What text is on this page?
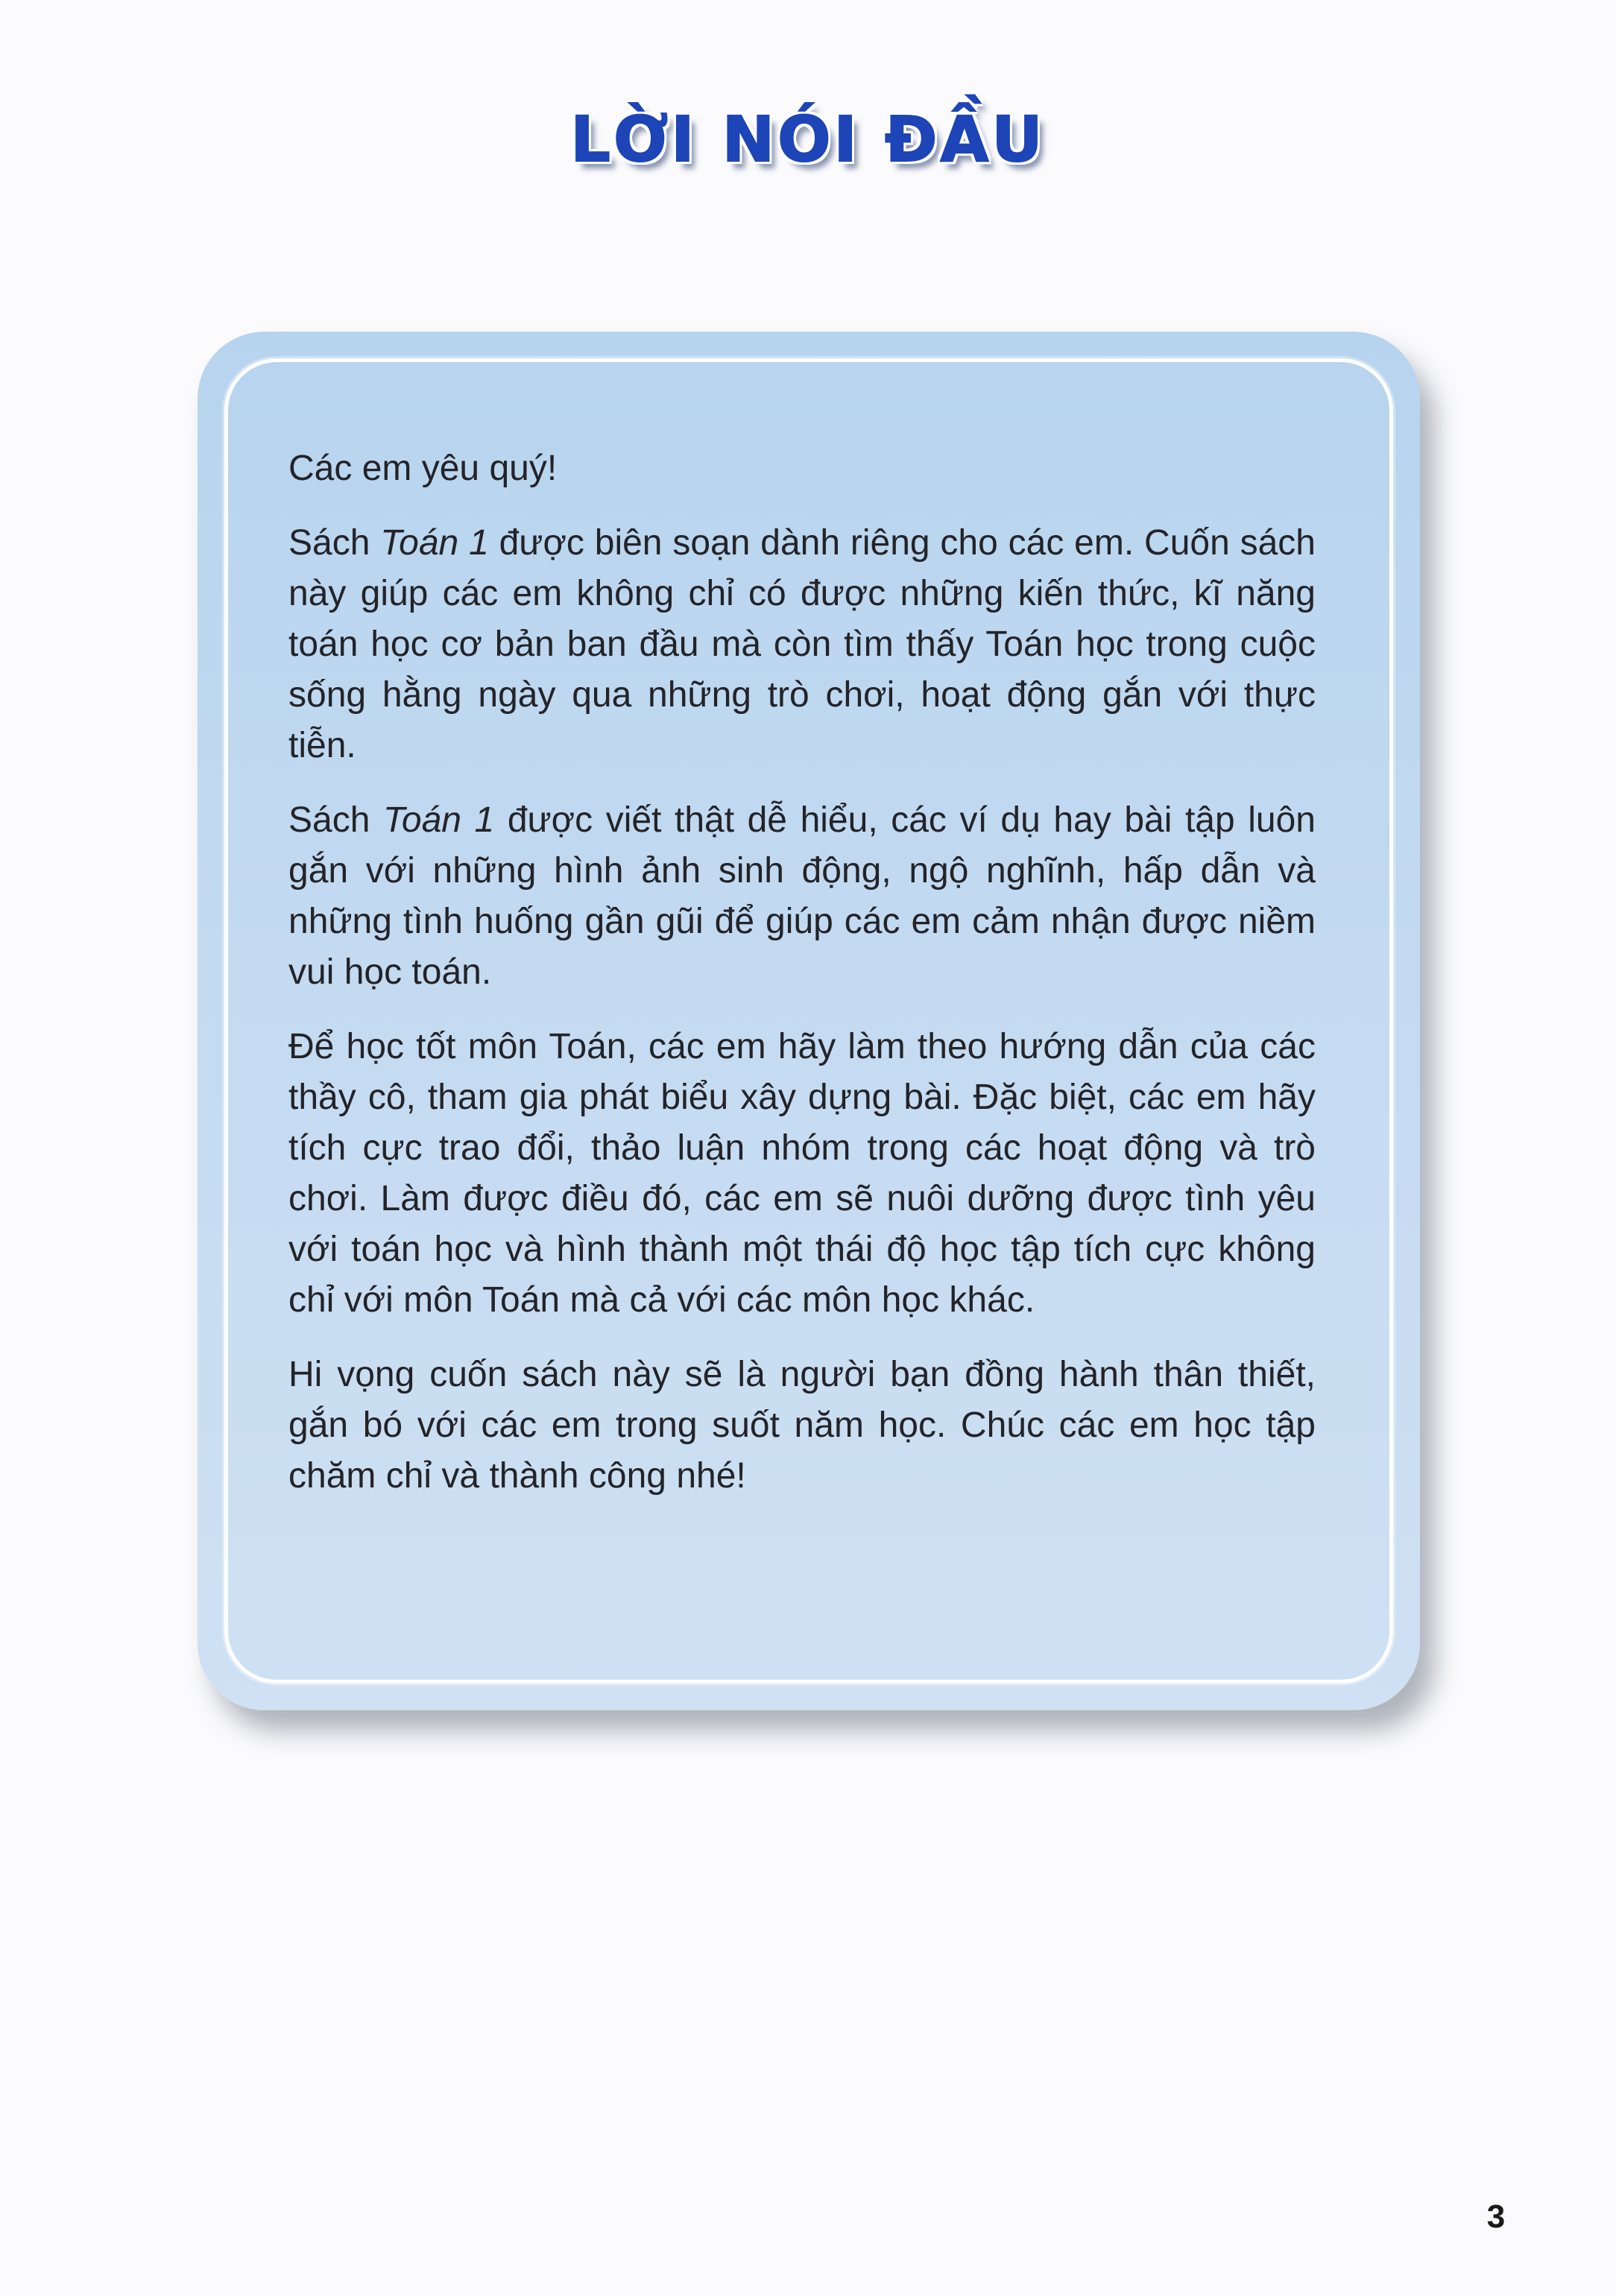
LỜI NÓI ĐẦU

Các em yêu quý!

Sách Toán 1 được biên soạn dành riêng cho các em. Cuốn sách này giúp các em không chỉ có được những kiến thức, kĩ năng toán học cơ bản ban đầu mà còn tìm thấy Toán học trong cuộc sống hằng ngày qua những trò chơi, hoạt động gắn với thực tiễn.

Sách Toán 1 được viết thật dễ hiểu, các ví dụ hay bài tập luôn gắn với những hình ảnh sinh động, ngộ nghĩnh, hấp dẫn và những tình huống gần gũi để giúp các em cảm nhận được niềm vui học toán.

Để học tốt môn Toán, các em hãy làm theo hướng dẫn của các thầy cô, tham gia phát biểu xây dựng bài. Đặc biệt, các em hãy tích cực trao đổi, thảo luận nhóm trong các hoạt động và trò chơi. Làm được điều đó, các em sẽ nuôi dưỡng được tình yêu với toán học và hình thành một thái độ học tập tích cực không chỉ với môn Toán mà cả với các môn học khác.

Hi vọng cuốn sách này sẽ là người bạn đồng hành thân thiết, gắn bó với các em trong suốt năm học. Chúc các em học tập chăm chỉ và thành công nhé!

3
